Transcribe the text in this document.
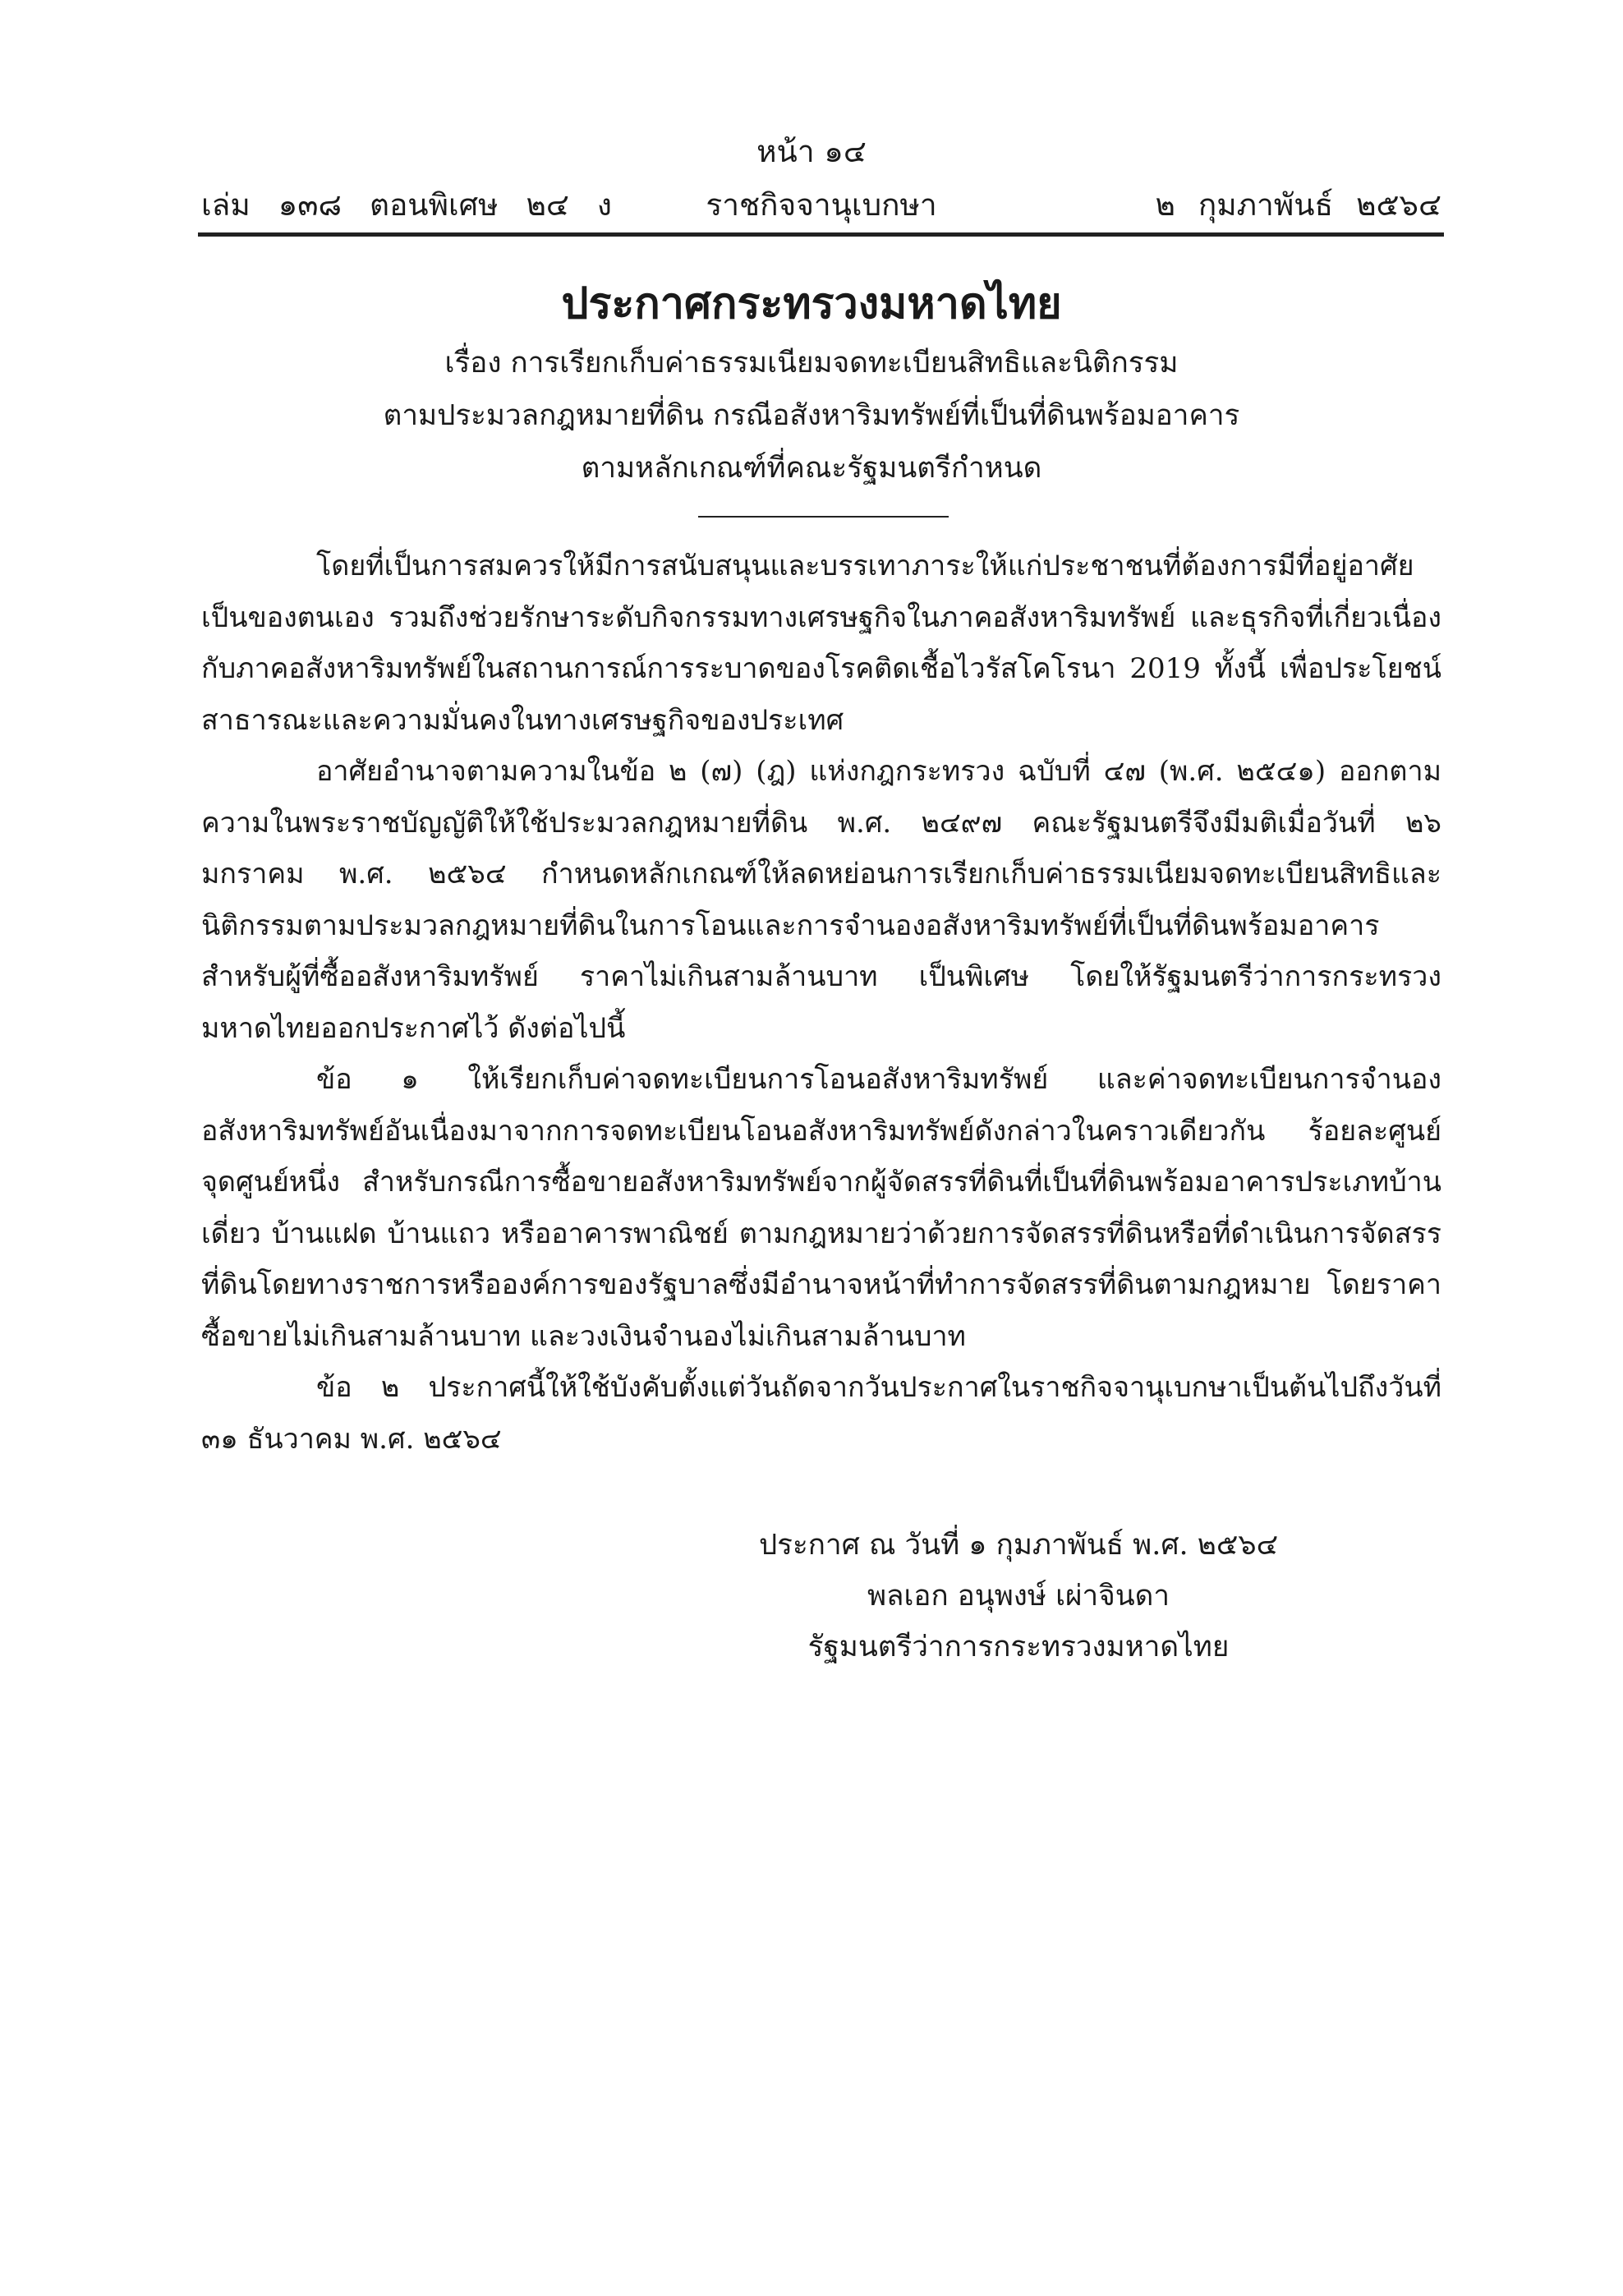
หน้า ๑๔
เล่ม ๑๓๘ ตอนพิเศษ ๒๔ ง	ราชกิจจานุเบกษา	๒ กุมภาพันธ์ ๒๕๖๔
ประกาศกระทรวงมหาดไทย
เรื่อง การเรียกเก็บค่าธรรมเนียมจดทะเบียนสิทธิและนิติกรรม
ตามประมวลกฎหมายที่ดิน กรณีอสังหาริมทรัพย์ที่เป็นที่ดินพร้อมอาคาร
ตามหลักเกณฑ์ที่คณะรัฐมนตรีกำหนด

โดยที่เป็นการสมควรให้มีการสนับสนุนและบรรเทาภาระให้แก่ประชาชนที่ต้องการมีที่อยู่อาศัยเป็นของตนเอง รวมถึงช่วยรักษาระดับกิจกรรมทางเศรษฐกิจในภาคอสังหาริมทรัพย์ และธุรกิจที่เกี่ยวเนื่องกับภาคอสังหาริมทรัพย์ในสถานการณ์การระบาดของโรคติดเชื้อไวรัสโคโรนา 2019 ทั้งนี้ เพื่อประโยชน์สาธารณะและความมั่นคงในทางเศรษฐกิจของประเทศ

อาศัยอำนาจตามความในข้อ ๒ (๗) (ฎ) แห่งกฎกระทรวง ฉบับที่ ๔๗ (พ.ศ. ๒๕๔๑) ออกตามความในพระราชบัญญัติให้ใช้ประมวลกฎหมายที่ดิน พ.ศ. ๒๔๙๗ คณะรัฐมนตรีจึงมีมติเมื่อวันที่ ๒๖ มกราคม พ.ศ. ๒๕๖๔ กำหนดหลักเกณฑ์ให้ลดหย่อนการเรียกเก็บค่าธรรมเนียมจดทะเบียนสิทธิและนิติกรรมตามประมวลกฎหมายที่ดินในการโอนและการจำนองอสังหาริมทรัพย์ที่เป็นที่ดินพร้อมอาคารสำหรับผู้ที่ซื้ออสังหาริมทรัพย์ ราคาไม่เกินสามล้านบาท เป็นพิเศษ โดยให้รัฐมนตรีว่าการกระทรวงมหาดไทยออกประกาศไว้ ดังต่อไปนี้

ข้อ ๑ ให้เรียกเก็บค่าจดทะเบียนการโอนอสังหาริมทรัพย์ และค่าจดทะเบียนการจำนองอสังหาริมทรัพย์อันเนื่องมาจากการจดทะเบียนโอนอสังหาริมทรัพย์ดังกล่าวในคราวเดียวกัน ร้อยละศูนย์จุดศูนย์หนึ่ง สำหรับกรณีการซื้อขายอสังหาริมทรัพย์จากผู้จัดสรรที่ดินที่เป็นที่ดินพร้อมอาคารประเภทบ้านเดี่ยว บ้านแฝด บ้านแถว หรืออาคารพาณิชย์ ตามกฎหมายว่าด้วยการจัดสรรที่ดินหรือที่ดำเนินการจัดสรรที่ดินโดยทางราชการหรือองค์การของรัฐบาลซึ่งมีอำนาจหน้าที่ทำการจัดสรรที่ดินตามกฎหมาย โดยราคาซื้อขายไม่เกินสามล้านบาท และวงเงินจำนองไม่เกินสามล้านบาท

ข้อ ๒ ประกาศนี้ให้ใช้บังคับตั้งแต่วันถัดจากวันประกาศในราชกิจจานุเบกษาเป็นต้นไปถึงวันที่ ๓๑ ธันวาคม พ.ศ. ๒๕๖๔

ประกาศ ณ วันที่ ๑ กุมภาพันธ์ พ.ศ. ๒๕๖๔
พลเอก อนุพงษ์ เผ่าจินดา
รัฐมนตรีว่าการกระทรวงมหาดไทย
